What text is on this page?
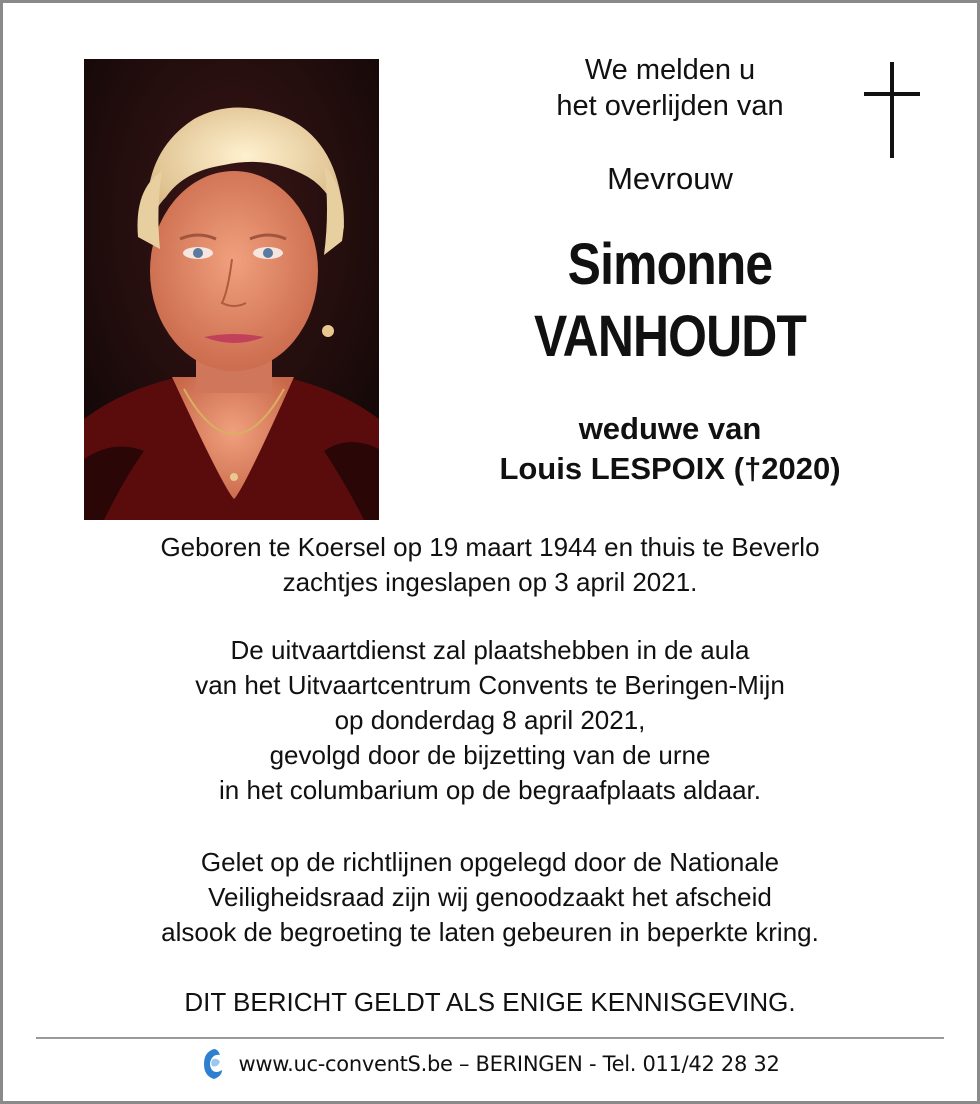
We melden u
het overlijden van
Mevrouw
Simonne
VANHOUDT
weduwe van
Louis LESPOIX (†2020)
Geboren te Koersel op 19 maart 1944 en thuis te Beverlo
zachtjes ingeslapen op 3 april 2021.
De uitvaartdienst zal plaatshebben in de aula
van het Uitvaartcentrum Convents te Beringen-Mijn
op donderdag 8 april 2021,
gevolgd door de bijzetting van de urne
in het columbarium op de begraafplaats aldaar.
Gelet op de richtlijnen opgelegd door de Nationale
Veiligheidsraad zijn wij genoodzaakt het afscheid
alsook de begroeting te laten gebeuren in beperkte kring.
DIT BERICHT GELDT ALS ENIGE KENNISGEVING.
www.uc-conventS.be – BERINGEN - Tel. 011/42 28 32
